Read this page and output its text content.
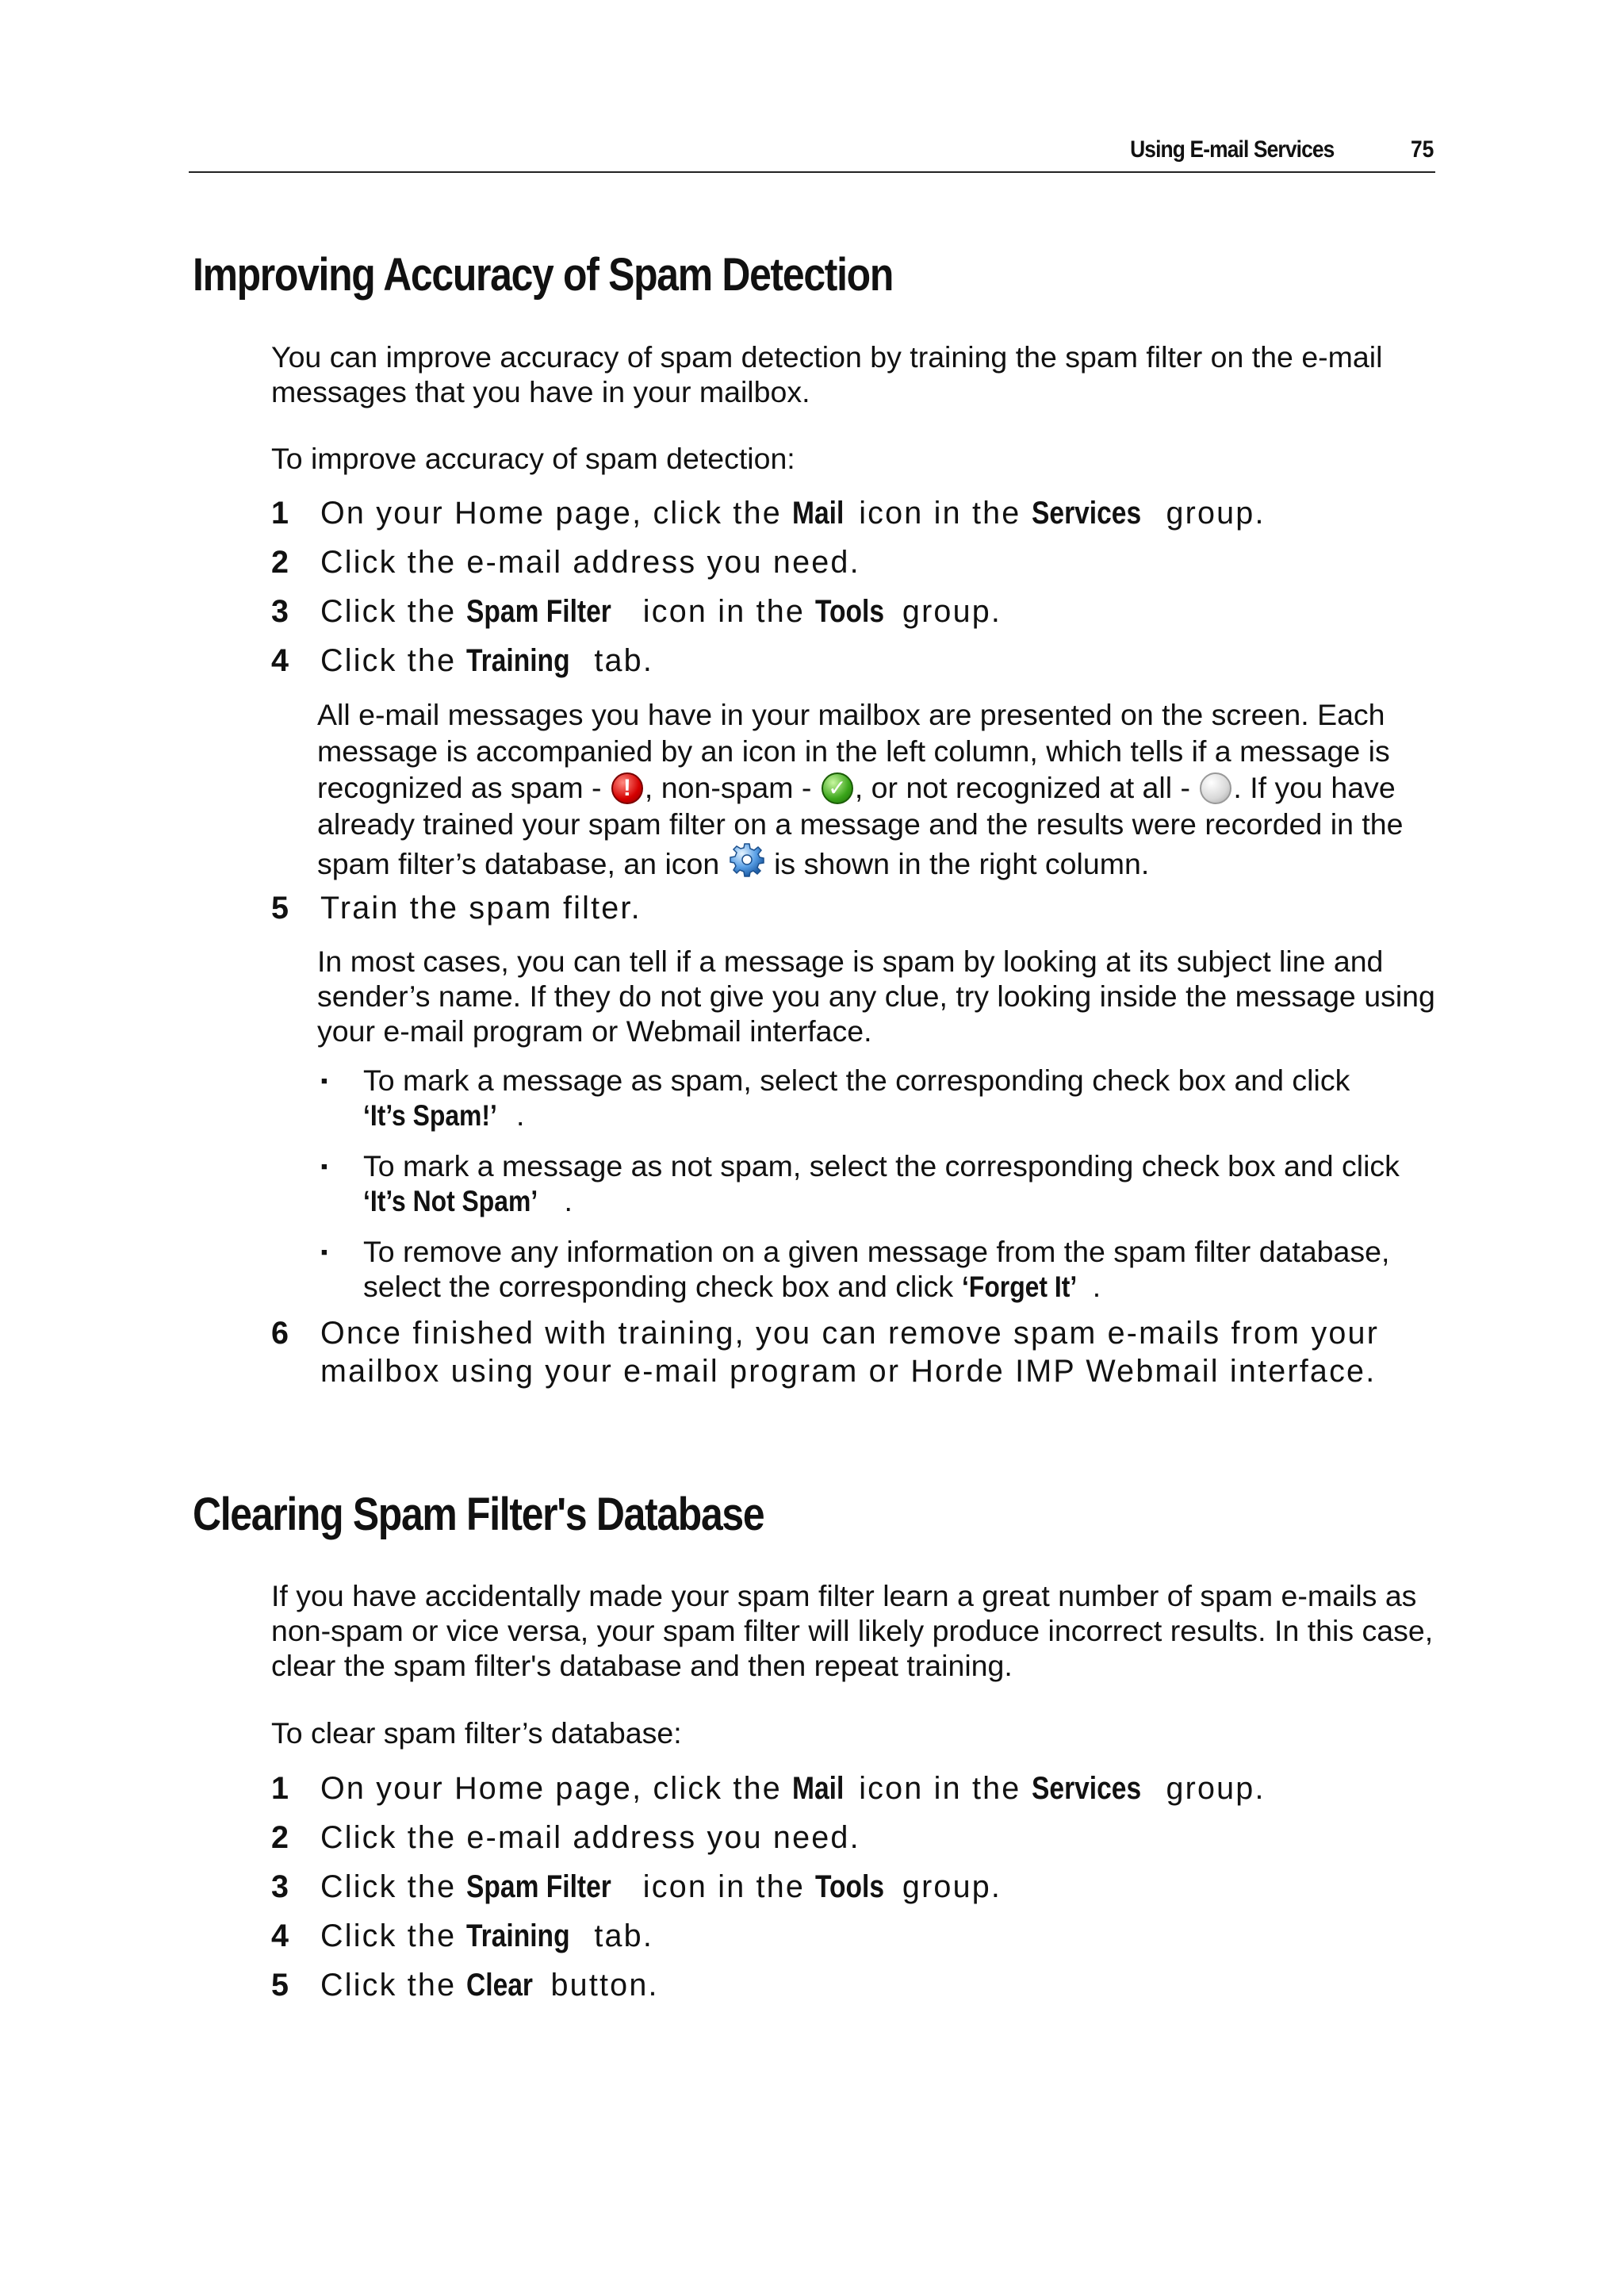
Using E-mail Services	75
Improving Accuracy of Spam Detection

You can improve accuracy of spam detection by training the spam filter on the e-mail messages that you have in your mailbox.

To improve accuracy of spam detection:

1 On your Home page, click the Mail icon in the Services group.
2 Click the e-mail address you need.
3 Click the Spam Filter icon in the Tools group.
4 Click the Training tab.

All e-mail messages you have in your mailbox are presented on the screen. Each message is accompanied by an icon in the left column, which tells if a message is recognized as spam - !, non-spam - ✓, or not recognized at all - . If you have already trained your spam filter on a message and the results were recorded in the spam filter’s database, an icon  is shown in the right column.

5 Train the spam filter.

In most cases, you can tell if a message is spam by looking at its subject line and sender’s name. If they do not give you any clue, try looking inside the message using your e-mail program or Webmail interface.

■ To mark a message as spam, select the corresponding check box and click ‘It’s Spam!’ .

■ To mark a message as not spam, select the corresponding check box and click ‘It’s Not Spam’ .

■ To remove any information on a given message from the spam filter database, select the corresponding check box and click ‘Forget It’ .

6 Once finished with training, you can remove spam e-mails from your
mailbox using your e-mail program or Horde IMP Webmail interface.
Clearing Spam Filter's Database

If you have accidentally made your spam filter learn a great number of spam e-mails as non-spam or vice versa, your spam filter will likely produce incorrect results. In this case, clear the spam filter's database and then repeat training.

To clear spam filter’s database:

1 On your Home page, click the Mail icon in the Services group.
2 Click the e-mail address you need.
3 Click the Spam Filter icon in the Tools group.
4 Click the Training tab.
5 Click the Clear button.
